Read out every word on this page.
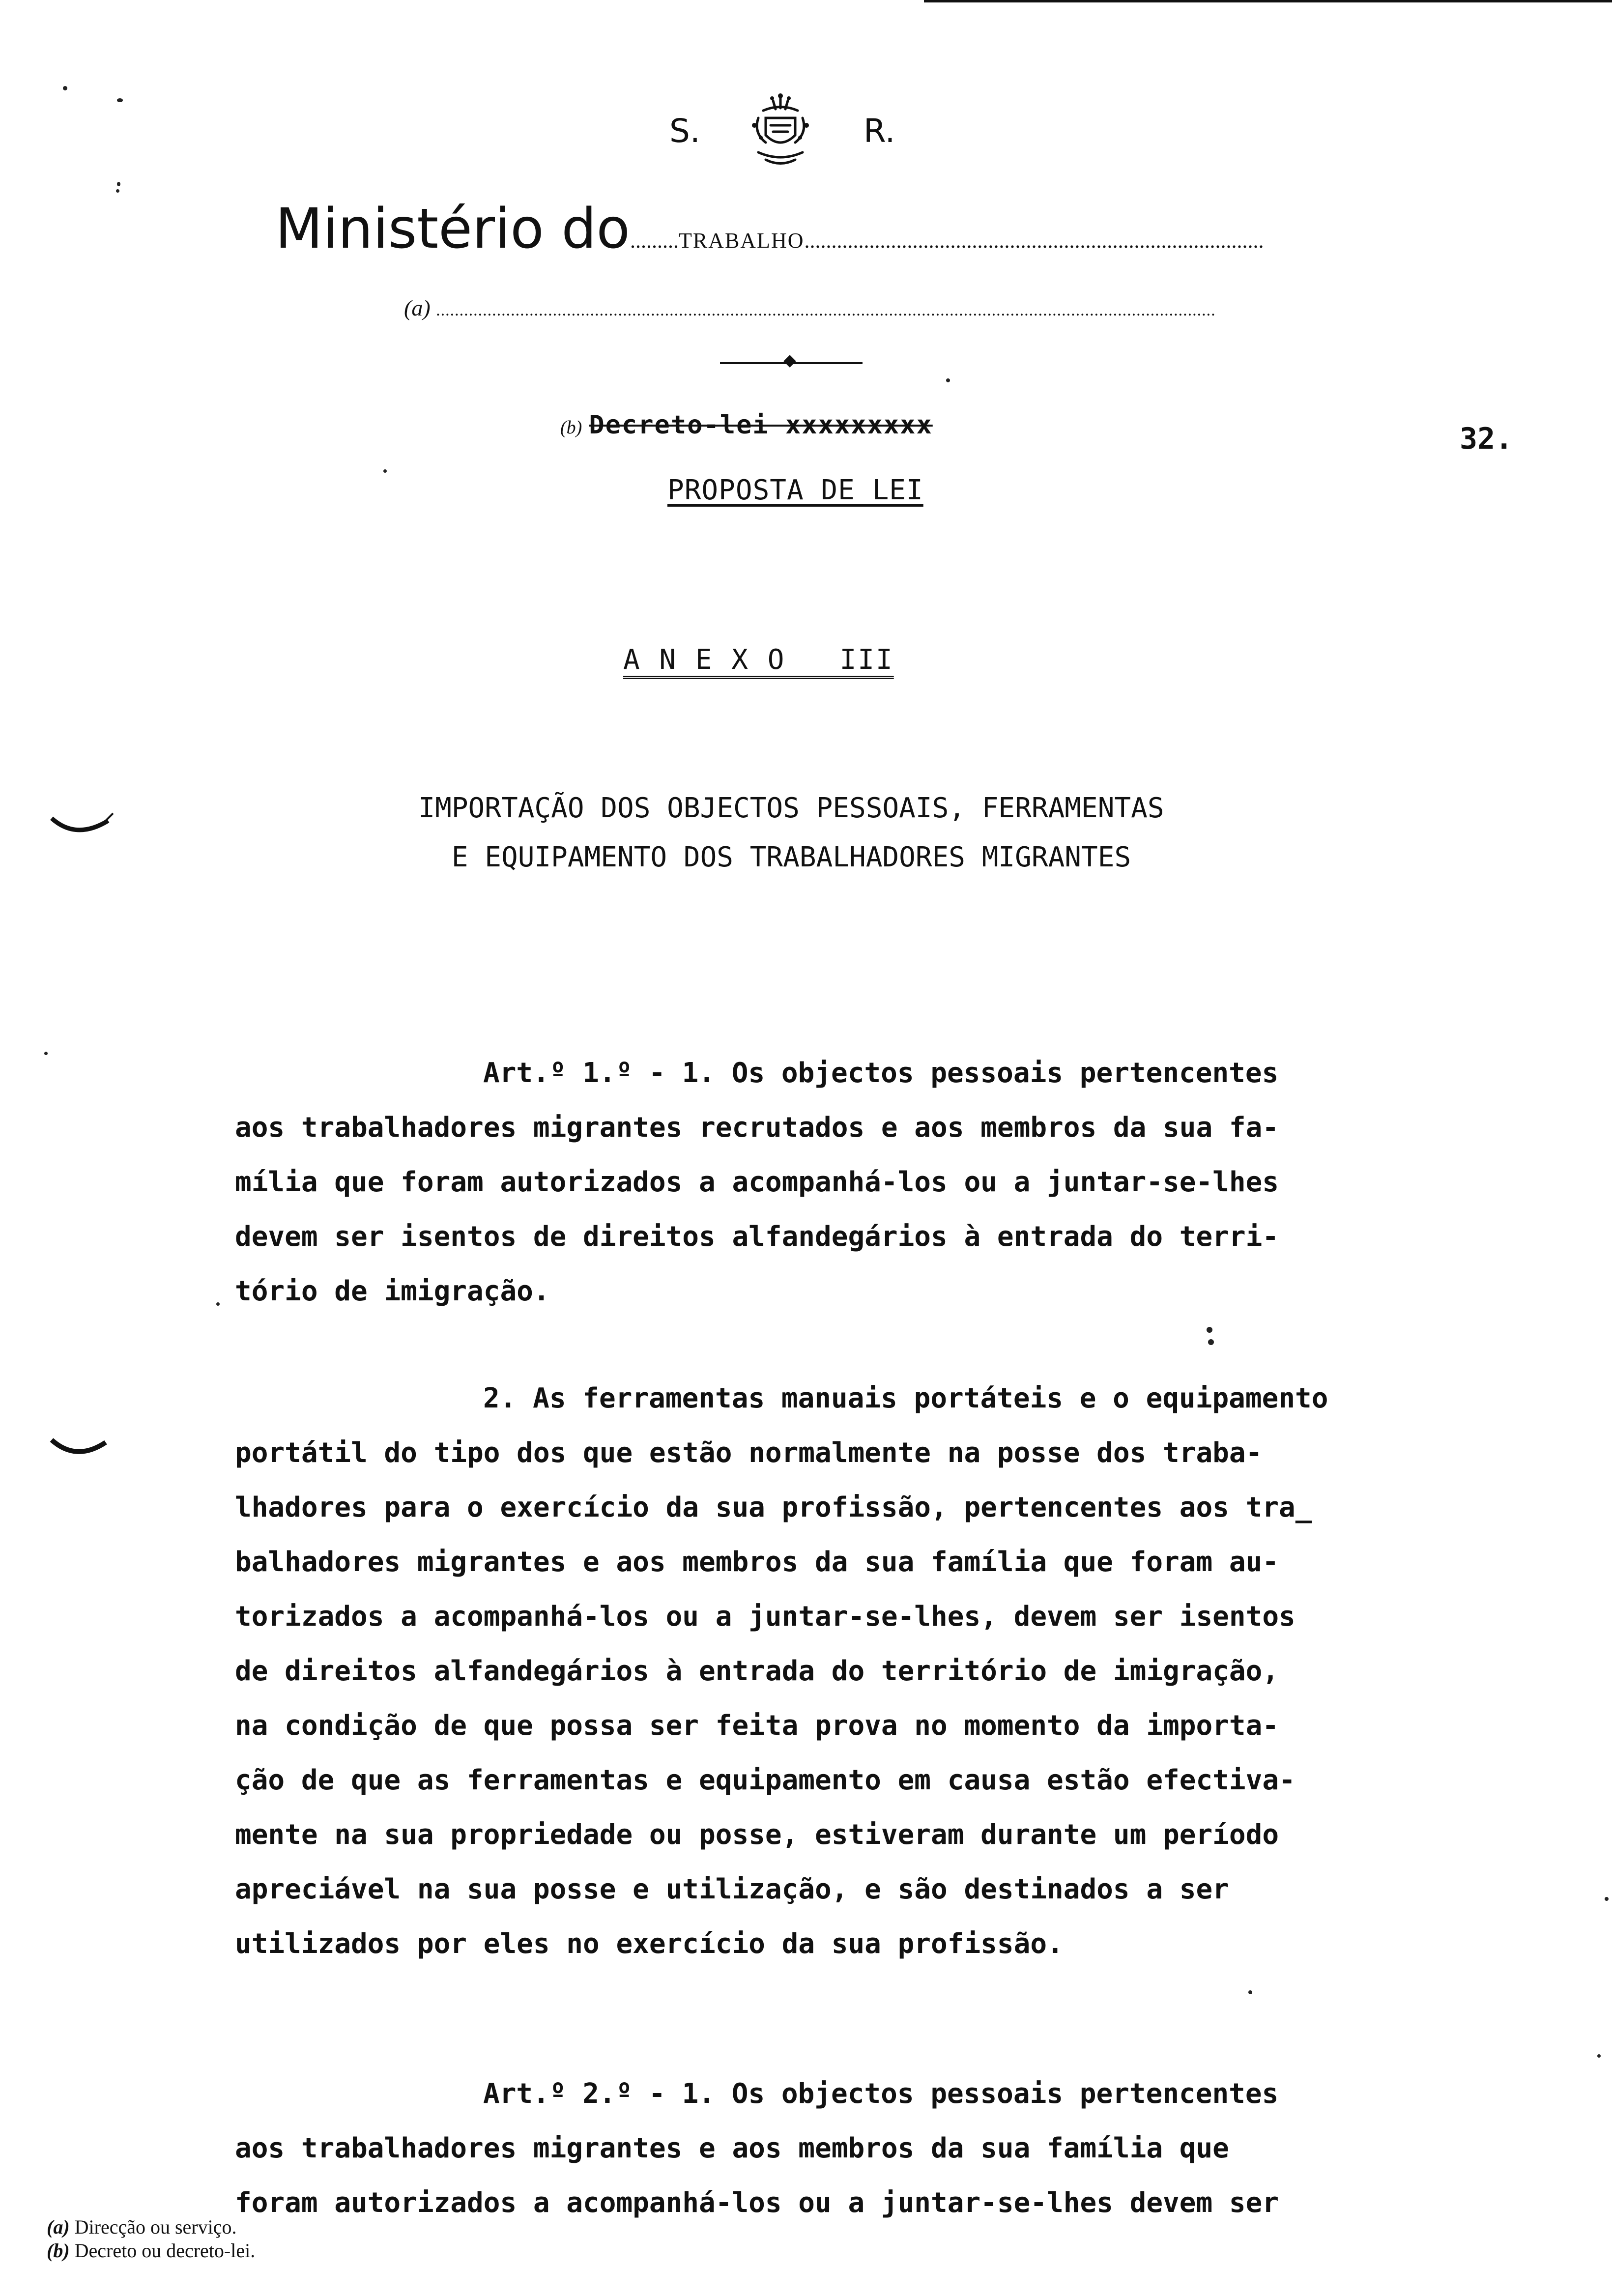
S.	R.
Ministério do.........TRABALHO.....................................................................................
(a) .......................................................................................................................................................................
(b) Decreto-lei xxxxxxxxx	32.
PROPOSTA DE LEI
A N E X O   III
IMPORTAÇÃO DOS OBJECTOS PESSOAIS, FERRAMENTAS
E EQUIPAMENTO DOS TRABALHADORES MIGRANTES
Art.º 1.º - 1. Os objectos pessoais pertencentes
aos trabalhadores migrantes recrutados e aos membros da sua fa-
mília que foram autorizados a acompanhá-los ou a juntar-se-lhes
devem ser isentos de direitos alfandegários à entrada do terri-
tório de imigração.
2. As ferramentas manuais portáteis e o equipamento
portátil do tipo dos que estão normalmente na posse dos traba-
lhadores para o exercício da sua profissão, pertencentes aos tra_
balhadores migrantes e aos membros da sua família que foram au-
torizados a acompanhá-los ou a juntar-se-lhes, devem ser isentos
de direitos alfandegários à entrada do território de imigração,
na condição de que possa ser feita prova no momento da importa-
ção de que as ferramentas e equipamento em causa estão efectiva-
mente na sua propriedade ou posse, estiveram durante um período
apreciável na sua posse e utilização, e são destinados a ser
utilizados por eles no exercício da sua profissão.
Art.º 2.º - 1. Os objectos pessoais pertencentes
aos trabalhadores migrantes e aos membros da sua família que
foram autorizados a acompanhá-los ou a juntar-se-lhes devem ser
(a) Direcção ou serviço.
(b) Decreto ou decreto-lei.
